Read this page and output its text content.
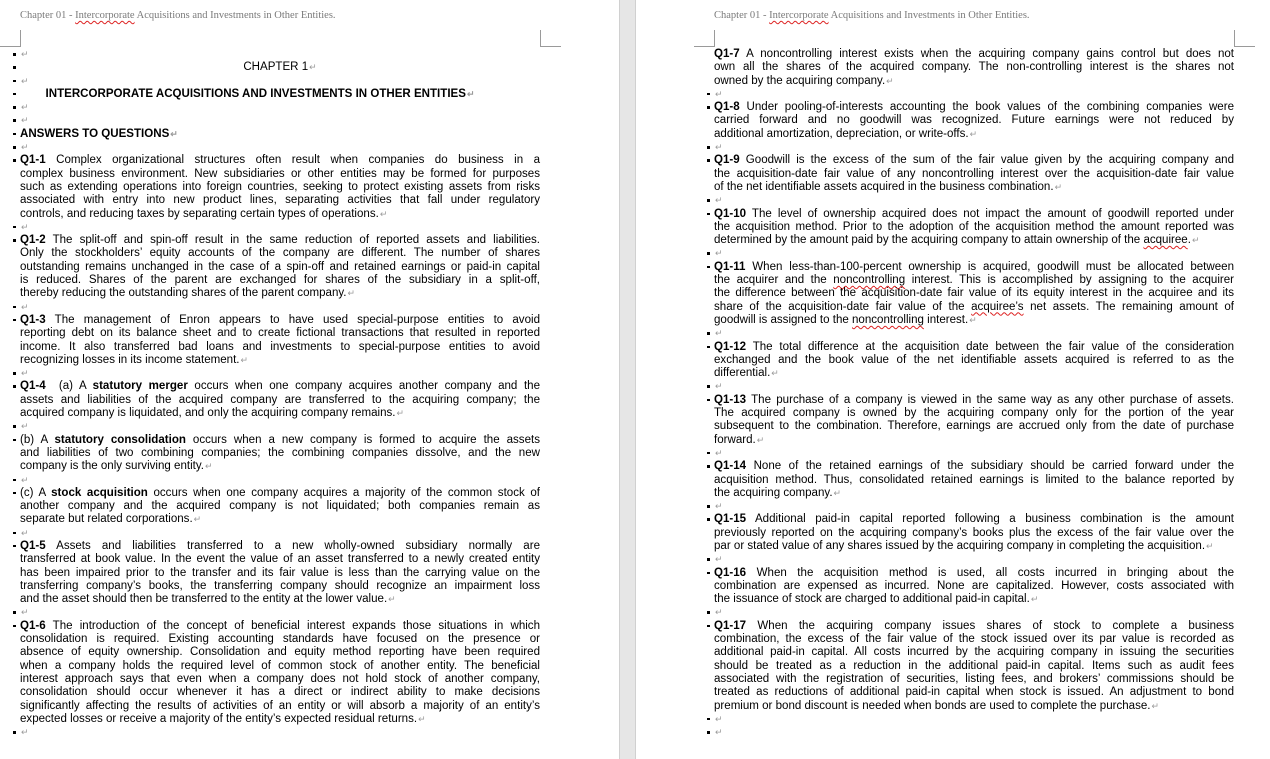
Chapter 01 - Intercorporate Acquisitions and Investments in Other Entities.
↵
CHAPTER 1↵
↵
INTERCORPORATE ACQUISITIONS AND INVESTMENTS IN OTHER ENTITIES↵
↵
↵
ANSWERS TO QUESTIONS↵
↵
Q1-1 Complex organizational structures often result when companies do business in a
complex business environment. New subsidiaries or other entities may be formed for purposes
such as extending operations into foreign countries, seeking to protect existing assets from risks
associated with entry into new product lines, separating activities that fall under regulatory
controls, and reducing taxes by separating certain types of operations.↵
↵
Q1-2 The split-off and spin-off result in the same reduction of reported assets and liabilities.
Only the stockholders’ equity accounts of the company are different. The number of shares
outstanding remains unchanged in the case of a spin-off and retained earnings or paid-in capital
is reduced. Shares of the parent are exchanged for shares of the subsidiary in a split-off,
thereby reducing the outstanding shares of the parent company.↵
↵
Q1-3 The management of Enron appears to have used special-purpose entities to avoid
reporting debt on its balance sheet and to create fictional transactions that resulted in reported
income. It also transferred bad loans and investments to special-purpose entities to avoid
recognizing losses in its income statement.↵
↵
Q1-4 (a) A statutory merger occurs when one company acquires another company and the
assets and liabilities of the acquired company are transferred to the acquiring company; the
acquired company is liquidated, and only the acquiring company remains.↵
↵
(b) A statutory consolidation occurs when a new company is formed to acquire the assets
and liabilities of two combining companies; the combining companies dissolve, and the new
company is the only surviving entity.↵
↵
(c) A stock acquisition occurs when one company acquires a majority of the common stock of
another company and the acquired company is not liquidated; both companies remain as
separate but related corporations.↵
↵
Q1-5 Assets and liabilities transferred to a new wholly-owned subsidiary normally are
transferred at book value. In the event the value of an asset transferred to a newly created entity
has been impaired prior to the transfer and its fair value is less than the carrying value on the
transferring company’s books, the transferring company should recognize an impairment loss
and the asset should then be transferred to the entity at the lower value.↵
↵
Q1-6 The introduction of the concept of beneficial interest expands those situations in which
consolidation is required. Existing accounting standards have focused on the presence or
absence of equity ownership. Consolidation and equity method reporting have been required
when a company holds the required level of common stock of another entity. The beneficial
interest approach says that even when a company does not hold stock of another company,
consolidation should occur whenever it has a direct or indirect ability to make decisions
significantly affecting the results of activities of an entity or will absorb a majority of an entity’s
expected losses or receive a majority of the entity’s expected residual returns.↵
↵
Chapter 01 - Intercorporate Acquisitions and Investments in Other Entities.
Q1-7 A noncontrolling interest exists when the acquiring company gains control but does not
own all the shares of the acquired company. The non-controlling interest is the shares not
owned by the acquiring company.↵
↵
Q1-8 Under pooling-of-interests accounting the book values of the combining companies were
carried forward and no goodwill was recognized. Future earnings were not reduced by
additional amortization, depreciation, or write-offs.↵
↵
Q1-9 Goodwill is the excess of the sum of the fair value given by the acquiring company and
the acquisition-date fair value of any noncontrolling interest over the acquisition-date fair value
of the net identifiable assets acquired in the business combination.↵
↵
Q1-10 The level of ownership acquired does not impact the amount of goodwill reported under
the acquisition method. Prior to the adoption of the acquisition method the amount reported was
determined by the amount paid by the acquiring company to attain ownership of the acquiree.↵
↵
Q1-11 When less-than-100-percent ownership is acquired, goodwill must be allocated between
the acquirer and the noncontrolling interest. This is accomplished by assigning to the acquirer
the difference between the acquisition-date fair value of its equity interest in the acquiree and its
share of the acquisition-date fair value of the acquiree’s net assets. The remaining amount of
goodwill is assigned to the noncontrolling interest.↵
↵
Q1-12 The total difference at the acquisition date between the fair value of the consideration
exchanged and the book value of the net identifiable assets acquired is referred to as the
differential.↵
↵
Q1-13 The purchase of a company is viewed in the same way as any other purchase of assets.
The acquired company is owned by the acquiring company only for the portion of the year
subsequent to the combination. Therefore, earnings are accrued only from the date of purchase
forward.↵
↵
Q1-14 None of the retained earnings of the subsidiary should be carried forward under the
acquisition method. Thus, consolidated retained earnings is limited to the balance reported by
the acquiring company.↵
↵
Q1-15 Additional paid-in capital reported following a business combination is the amount
previously reported on the acquiring company’s books plus the excess of the fair value over the
par or stated value of any shares issued by the acquiring company in completing the acquisition.↵
↵
Q1-16 When the acquisition method is used, all costs incurred in bringing about the
combination are expensed as incurred. None are capitalized. However, costs associated with
the issuance of stock are charged to additional paid-in capital.↵
↵
Q1-17 When the acquiring company issues shares of stock to complete a business
combination, the excess of the fair value of the stock issued over its par value is recorded as
additional paid-in capital. All costs incurred by the acquiring company in issuing the securities
should be treated as a reduction in the additional paid-in capital. Items such as audit fees
associated with the registration of securities, listing fees, and brokers’ commissions should be
treated as reductions of additional paid-in capital when stock is issued. An adjustment to bond
premium or bond discount is needed when bonds are used to complete the purchase.↵
↵
↵
